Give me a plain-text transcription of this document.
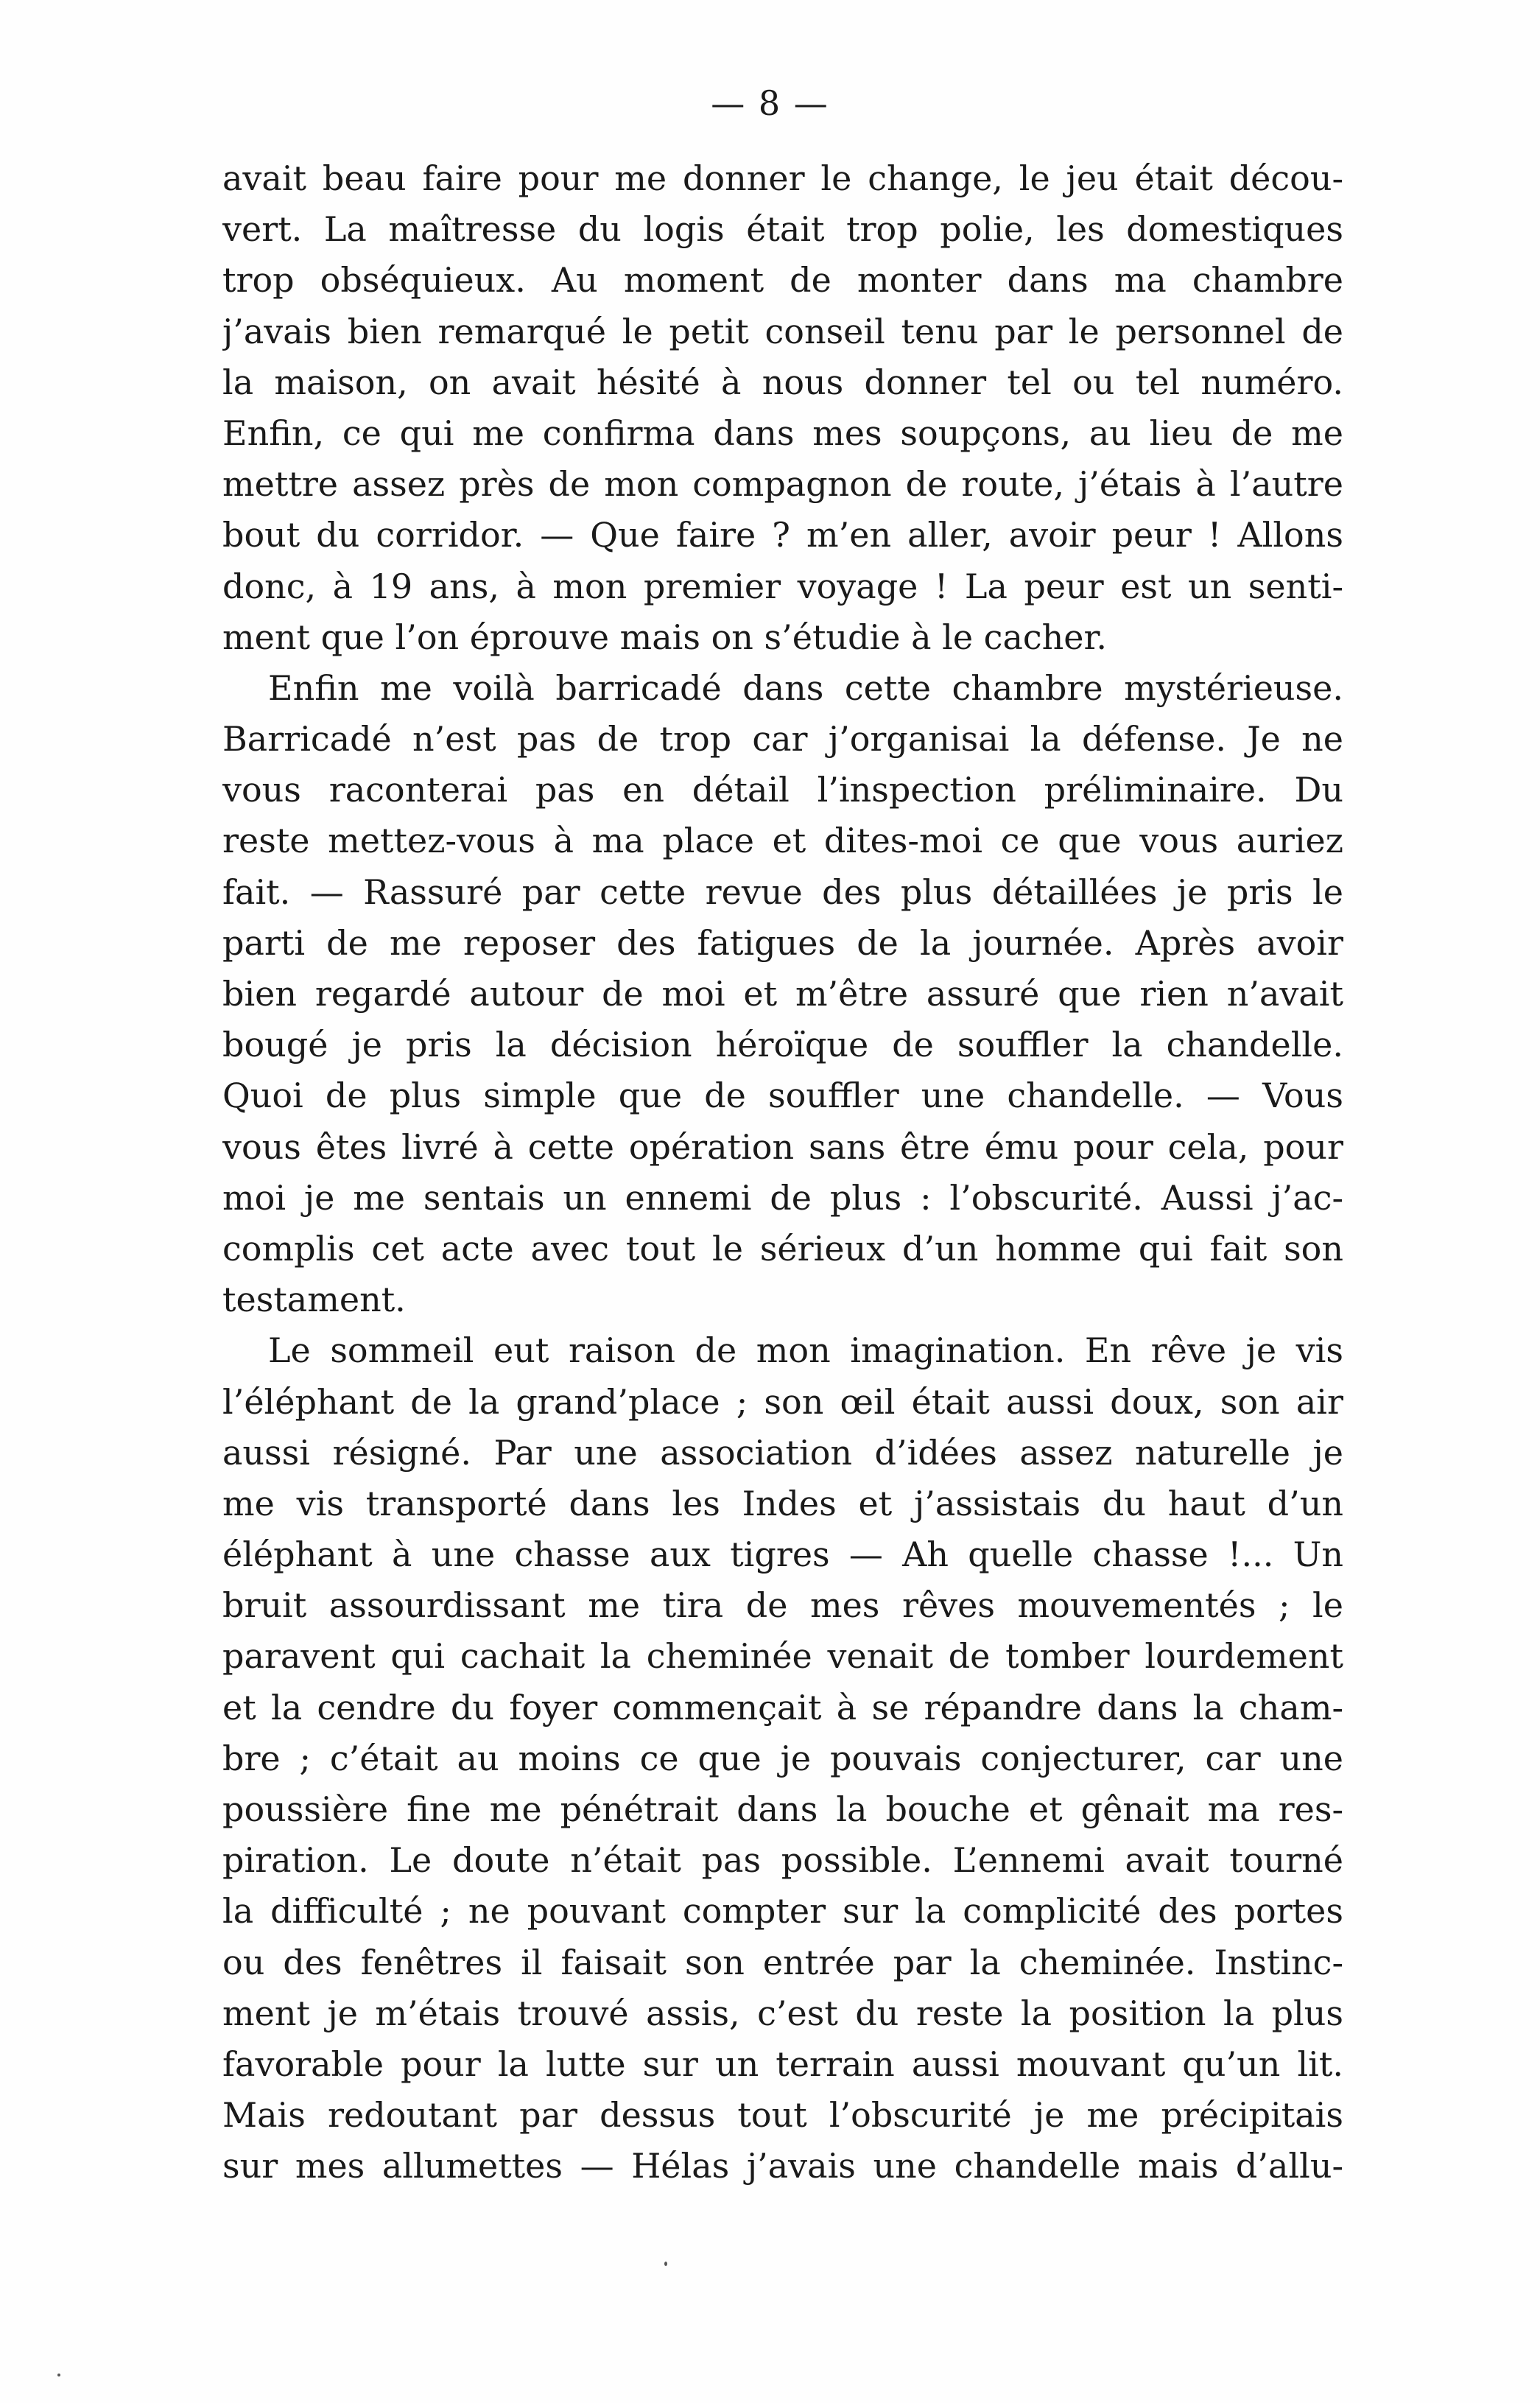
— 8 —
avait beau faire pour me donner le change, le jeu était décou-
vert. La maîtresse du logis était trop polie, les domestiques
trop obséquieux. Au moment de monter dans ma chambre
j’avais bien remarqué le petit conseil tenu par le personnel de
la maison, on avait hésité à nous donner tel ou tel numéro.
Enfin, ce qui me confirma dans mes soupçons, au lieu de me
mettre assez près de mon compagnon de route, j’étais à l’autre
bout du corridor. — Que faire ? m’en aller, avoir peur ! Allons
donc, à 19 ans, à mon premier voyage ! La peur est un senti-
ment que l’on éprouve mais on s’étudie à le cacher.
Enfin me voilà barricadé dans cette chambre mystérieuse.
Barricadé n’est pas de trop car j’organisai la défense. Je ne
vous raconterai pas en détail l’inspection préliminaire. Du
reste mettez-vous à ma place et dites-moi ce que vous auriez
fait. — Rassuré par cette revue des plus détaillées je pris le
parti de me reposer des fatigues de la journée. Après avoir
bien regardé autour de moi et m’être assuré que rien n’avait
bougé je pris la décision héroïque de souffler la chandelle.
Quoi de plus simple que de souffler une chandelle. — Vous
vous êtes livré à cette opération sans être ému pour cela, pour
moi je me sentais un ennemi de plus : l’obscurité. Aussi j’ac-
complis cet acte avec tout le sérieux d’un homme qui fait son
testament.
Le sommeil eut raison de mon imagination. En rêve je vis
l’éléphant de la grand’place ; son œil était aussi doux, son air
aussi résigné. Par une association d’idées assez naturelle je
me vis transporté dans les Indes et j’assistais du haut d’un
éléphant à une chasse aux tigres — Ah quelle chasse !... Un
bruit assourdissant me tira de mes rêves mouvementés ; le
paravent qui cachait la cheminée venait de tomber lourdement
et la cendre du foyer commençait à se répandre dans la cham-
bre ; c’était au moins ce que je pouvais conjecturer, car une
poussière fine me pénétrait dans la bouche et gênait ma res-
piration. Le doute n’était pas possible. L’ennemi avait tourné
la difficulté ; ne pouvant compter sur la complicité des portes
ou des fenêtres il faisait son entrée par la cheminée. Instinc-
ment je m’étais trouvé assis, c’est du reste la position la plus
favorable pour la lutte sur un terrain aussi mouvant qu’un lit.
Mais redoutant par dessus tout l’obscurité je me précipitais
sur mes allumettes — Hélas j’avais une chandelle mais d’allu-
